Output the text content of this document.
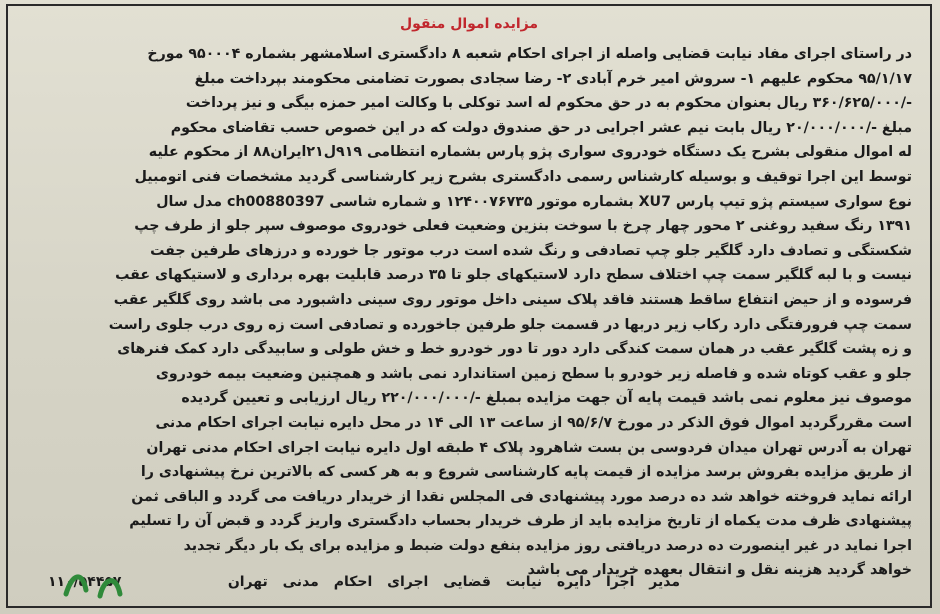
مزایده اموال منقول
در راستای اجرای مفاد نیابت قضایی واصله از اجرای احکام شعبه ۸ دادگستری اسلامشهر بشماره ۹۵۰۰۰۴ مورخ
۹۵/۱/۱۷ محکوم علیهم ۱- سروش امیر خرم آبادی ۲- رضا سجادی بصورت تضامنی محکومند بپرداخت مبلغ
-/۳۶۰/۶۲۵/۰۰۰ ریال بعنوان محکوم به در حق محکوم له اسد توکلی با وکالت امیر حمزه بیگی و نیز پرداخت
مبلغ -/۲۰/۰۰۰/۰۰۰ ریال بابت نیم عشر اجرایی در حق صندوق دولت که در این خصوص حسب تقاضای محکوم
له اموال منقولی بشرح یک دستگاه خودروی سواری پژو پارس بشماره انتظامی ۹۱۹ل۲۱ایران۸۸ از محکوم علیه
توسط این اجرا توقیف و بوسیله کارشناس رسمی دادگستری بشرح زیر کارشناسی گردید مشخصات فنی اتومبیل
نوع سواری سیستم پژو تیپ پارس XU7 بشماره موتور ۱۲۴۰۰۷۶۷۳۵ و شماره شاسی ch00880397 مدل سال
۱۳۹۱ رنگ سفید روغنی ۲ محور چهار چرخ با سوخت بنزین وضعیت فعلی خودروی موصوف سپر جلو از طرف چپ
شکستگی و تصادف دارد گلگیر جلو چپ تصادفی و رنگ شده است درب موتور جا خورده و درزهای طرفین جفت
نیست و با لبه گلگیر سمت چپ اختلاف سطح دارد لاستیکهای جلو تا ۳۵ درصد قابلیت بهره برداری و لاستیکهای عقب
فرسوده و از حیض انتفاع ساقط هستند فاقد پلاک سینی داخل موتور روی سینی داشبورد می باشد روی گلگیر عقب
سمت چپ فرورفتگی دارد رکاب زیر دربها در قسمت جلو طرفین جاخورده و تصادفی است زه روی درب جلوی راست
و زه پشت گلگیر عقب در همان سمت کندگی دارد دور تا دور خودرو خط و خش طولی و سابیدگی دارد کمک فنرهای
جلو و عقب کوتاه شده و فاصله زیر خودرو با سطح زمین استاندارد نمی باشد و همچنین وضعیت بیمه خودروی
موصوف نیز معلوم نمی باشد قیمت پایه آن جهت مزایده بمبلغ -/۲۲۰/۰۰۰/۰۰۰ ریال ارزیابی و تعیین گردیده
است مقررگردید اموال فوق الذکر در مورخ ۹۵/۶/۷ از ساعت ۱۳ الی ۱۴ در محل دایره نیابت اجرای احکام مدنی
تهران به آدرس تهران میدان فردوسی بن بست شاهرود پلاک ۴ طبقه اول دایره نیابت اجرای احکام مدنی تهران
از طریق مزایده بفروش برسد مزایده از قیمت پایه کارشناسی شروع و به هر کسی که بالاترین نرخ پیشنهادی را
ارائه نماید فروخته خواهد شد ده درصد مورد پیشنهادی فی المجلس نقدا از خریدار دریافت می گردد و الباقی ثمن
پیشنهادی ظرف مدت یکماه از تاریخ مزایده باید از طرف خریدار بحساب دادگستری واریز گردد و قبض آن را تسلیم
اجرا نماید در غیر اینصورت ده درصد دریافتی روز مزایده بنفع دولت ضبط و مزایده برای یک بار دیگر تجدید
خواهد گردید هزینه نقل و انتقال بعهده خریدار می باشد
مدیر اجرا دایره نیابت قضایی اجرای احکام مدنی تهران
۱۱۰/۵۴۴۵۷
